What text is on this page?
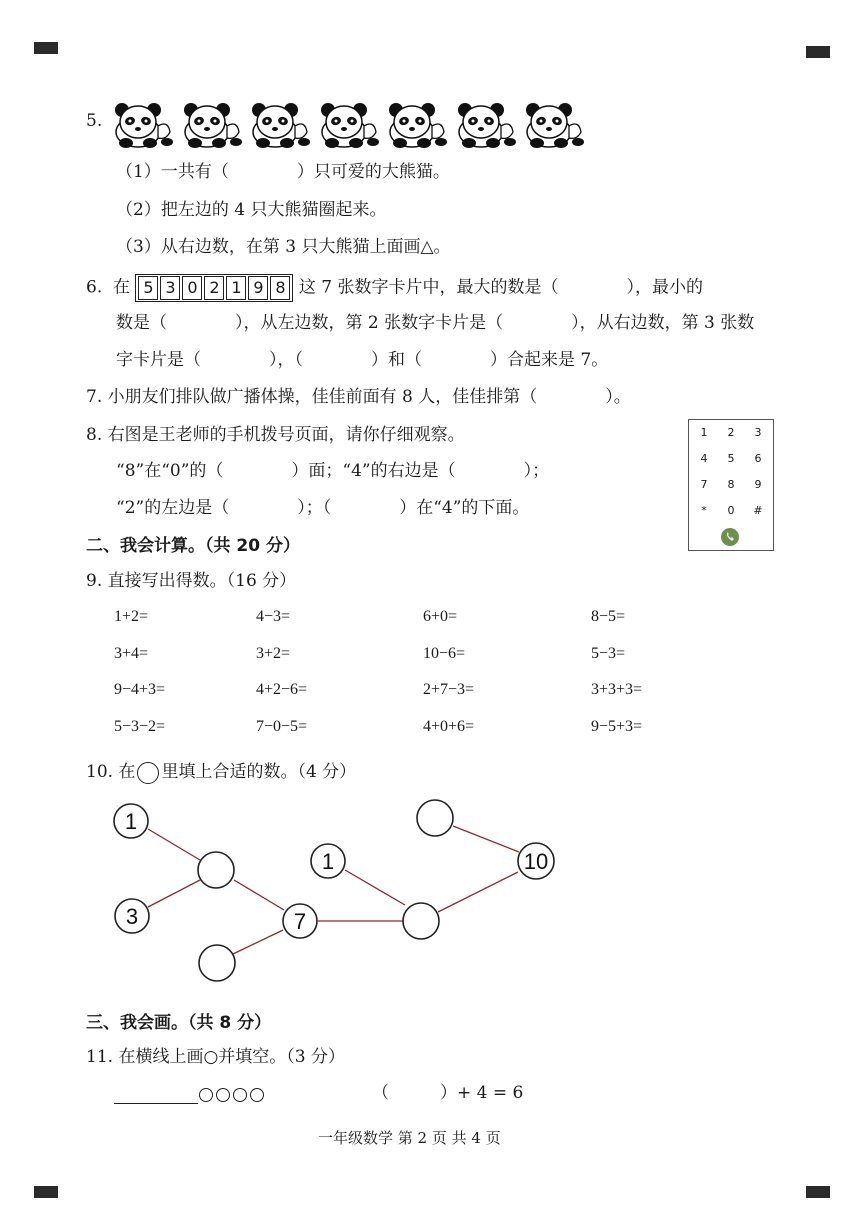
5.
（1）一共有（　　　　）只可爱的大熊猫。
（2）把左边的 4 只大熊猫圈起来。
（3）从右边数，在第 3 只大熊猫上面画△。
6. 在 5 3 0 2 1 9 8 这 7 张数字卡片中，最大的数是（　　　　），最小的
数是（　　　　），从左边数，第 2 张数字卡片是（　　　　），从右边数，第 3 张数
字卡片是（　　　　），（　　　　）和（　　　　）合起来是 7。
7. 小朋友们排队做广播体操，佳佳前面有 8 人，佳佳排第（　　　　）。
8. 右图是王老师的手机拨号页面，请你仔细观察。
“8”在“0”的（　　　　）面；“4”的右边是（　　　　）；
“2”的左边是（　　　　）；（　　　　）在“4”的下面。
1	2	3
4	5	6
7	8	9
*	0	#
二、我会计算。（共 20 分）
9. 直接写出得数。（16 分）
1+2=	4−3=	6+0=	8−5=
3+4=	3+2=	10−6=	5−3=
9−4+3=	4+2−6=	2+7−3=	3+3+3=
5−3−2=	7−0−5=	4+0+6=	9−5+3=
10. 在 里填上合适的数。（4 分）
1
3	7
1	10
三、我会画。（共 8 分）
11. 在横线上画○并填空。（3 分）
（　　　）+ 4 = 6
一年级数学 第 2 页 共 4 页
